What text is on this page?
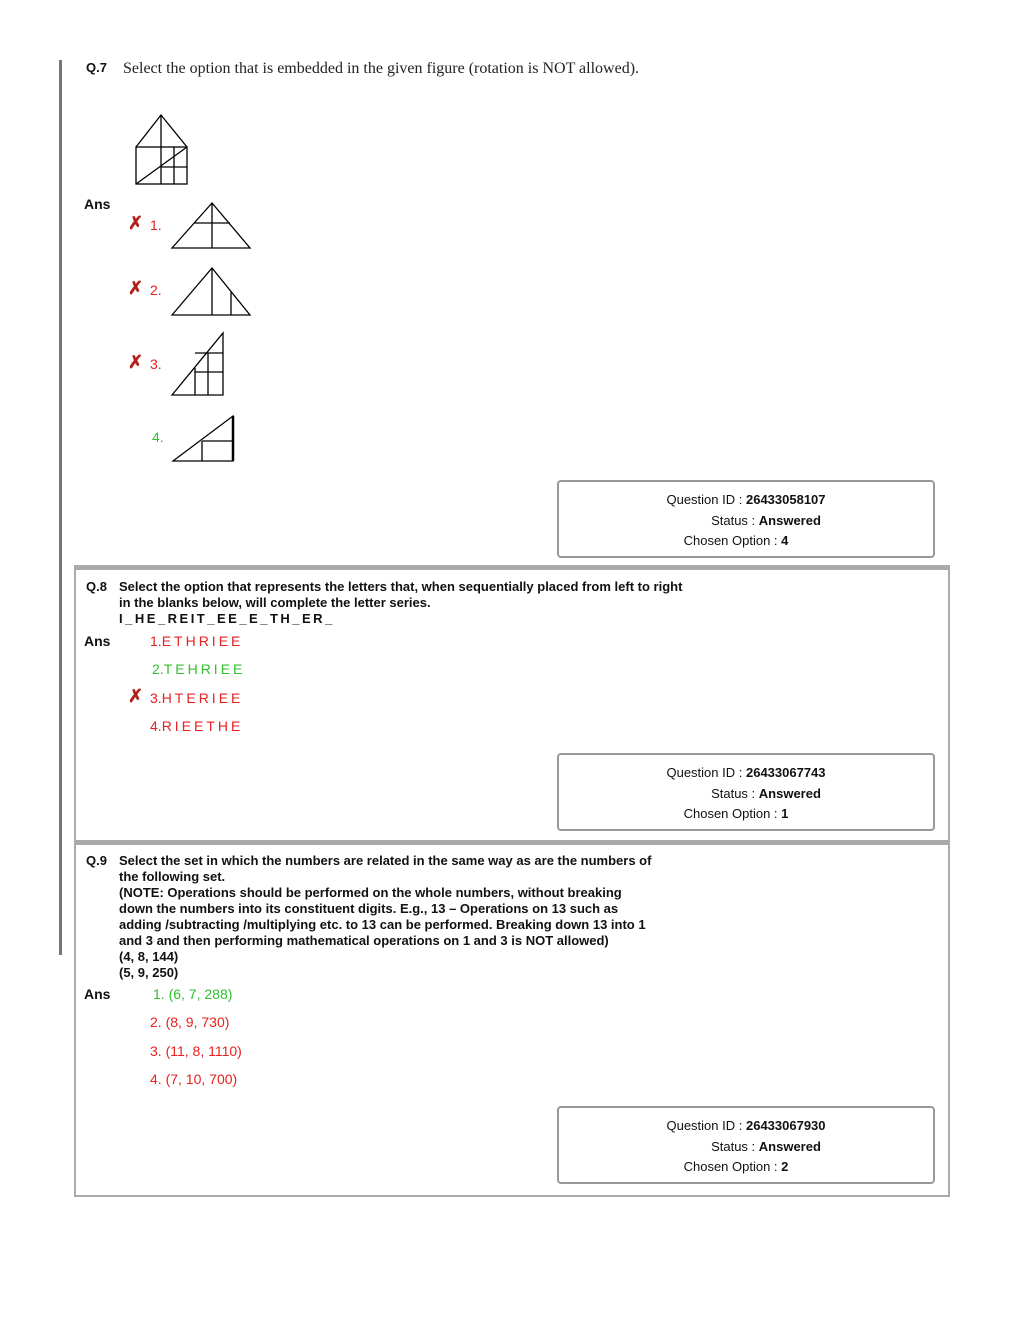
Q.7 Select the option that is embedded in the given figure (rotation is NOT allowed).
Ans
✗ 1.
✗ 2.
✗ 3.
4.
Question ID : 26433058107
Status : Answered
Chosen Option : 4
Q.8 Select the option that represents the letters that, when sequentially placed from left to right in the blanks below, will complete the letter series.
I_HE_REIT_EE_E_TH_ER_
Ans	1.ETHRIEE
2.TEHRIEE
✗ 3.HTERIEE
4.RIEETHE
Question ID : 26433067743
Status : Answered
Chosen Option : 1
Q.9 Select the set in which the numbers are related in the same way as are the numbers of
the following set.
(NOTE: Operations should be performed on the whole numbers, without breaking
down the numbers into its constituent digits. E.g., 13 – Operations on 13 such as
adding /subtracting /multiplying etc. to 13 can be performed. Breaking down 13 into 1
and 3 and then performing mathematical operations on 1 and 3 is NOT allowed)
(4, 8, 144)
(5, 9, 250)
Ans	1. (6, 7, 288)
2. (8, 9, 730)
3. (11, 8, 1110)
4. (7, 10, 700)
Question ID : 26433067930
Status : Answered
Chosen Option : 2
